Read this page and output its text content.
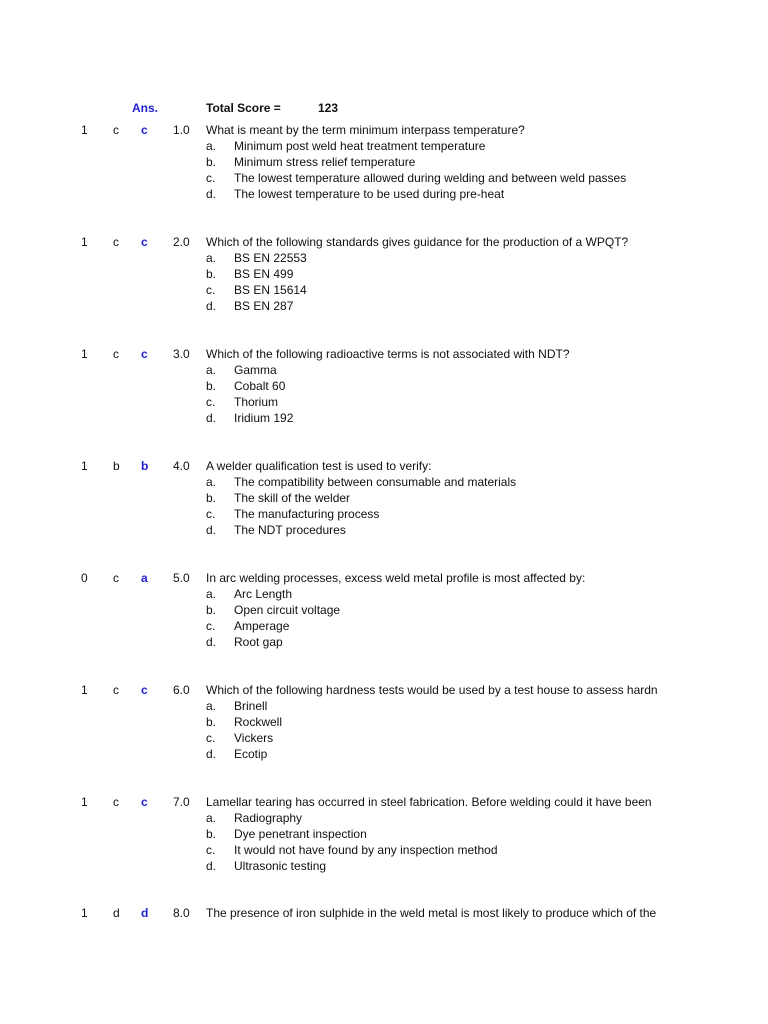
Ans.	Total Score =	123
1 c c 1.0 What is meant by the term minimum interpass temperature?
a. Minimum post weld heat treatment temperature
b. Minimum stress relief temperature
c. The lowest temperature allowed during welding and between weld passes
d. The lowest temperature to be used during pre-heat
1 c c 2.0 Which of the following standards gives guidance for the production of a WPQT?
a. BS EN 22553
b. BS EN 499
c. BS EN 15614
d. BS EN 287
1 c c 3.0 Which of the following radioactive terms is not associated with NDT?
a. Gamma
b. Cobalt 60
c. Thorium
d. Iridium 192
1 b b 4.0 A welder qualification test is used to verify:
a. The compatibility between consumable and materials
b. The skill of the welder
c. The manufacturing process
d. The NDT procedures
0 c a 5.0 In arc welding processes, excess weld metal profile is most affected by:
a. Arc Length
b. Open circuit voltage
c. Amperage
d. Root gap
1 c c 6.0 Which of the following hardness tests would be used by a test house to assess hardn
a. Brinell
b. Rockwell
c. Vickers
d. Ecotip
1 c c 7.0 Lamellar tearing has occurred in steel fabrication. Before welding could it have been
a. Radiography
b. Dye penetrant inspection
c. It would not have found by any inspection method
d. Ultrasonic testing
1 d d 8.0 The presence of iron sulphide in the weld metal is most likely to produce which of the
